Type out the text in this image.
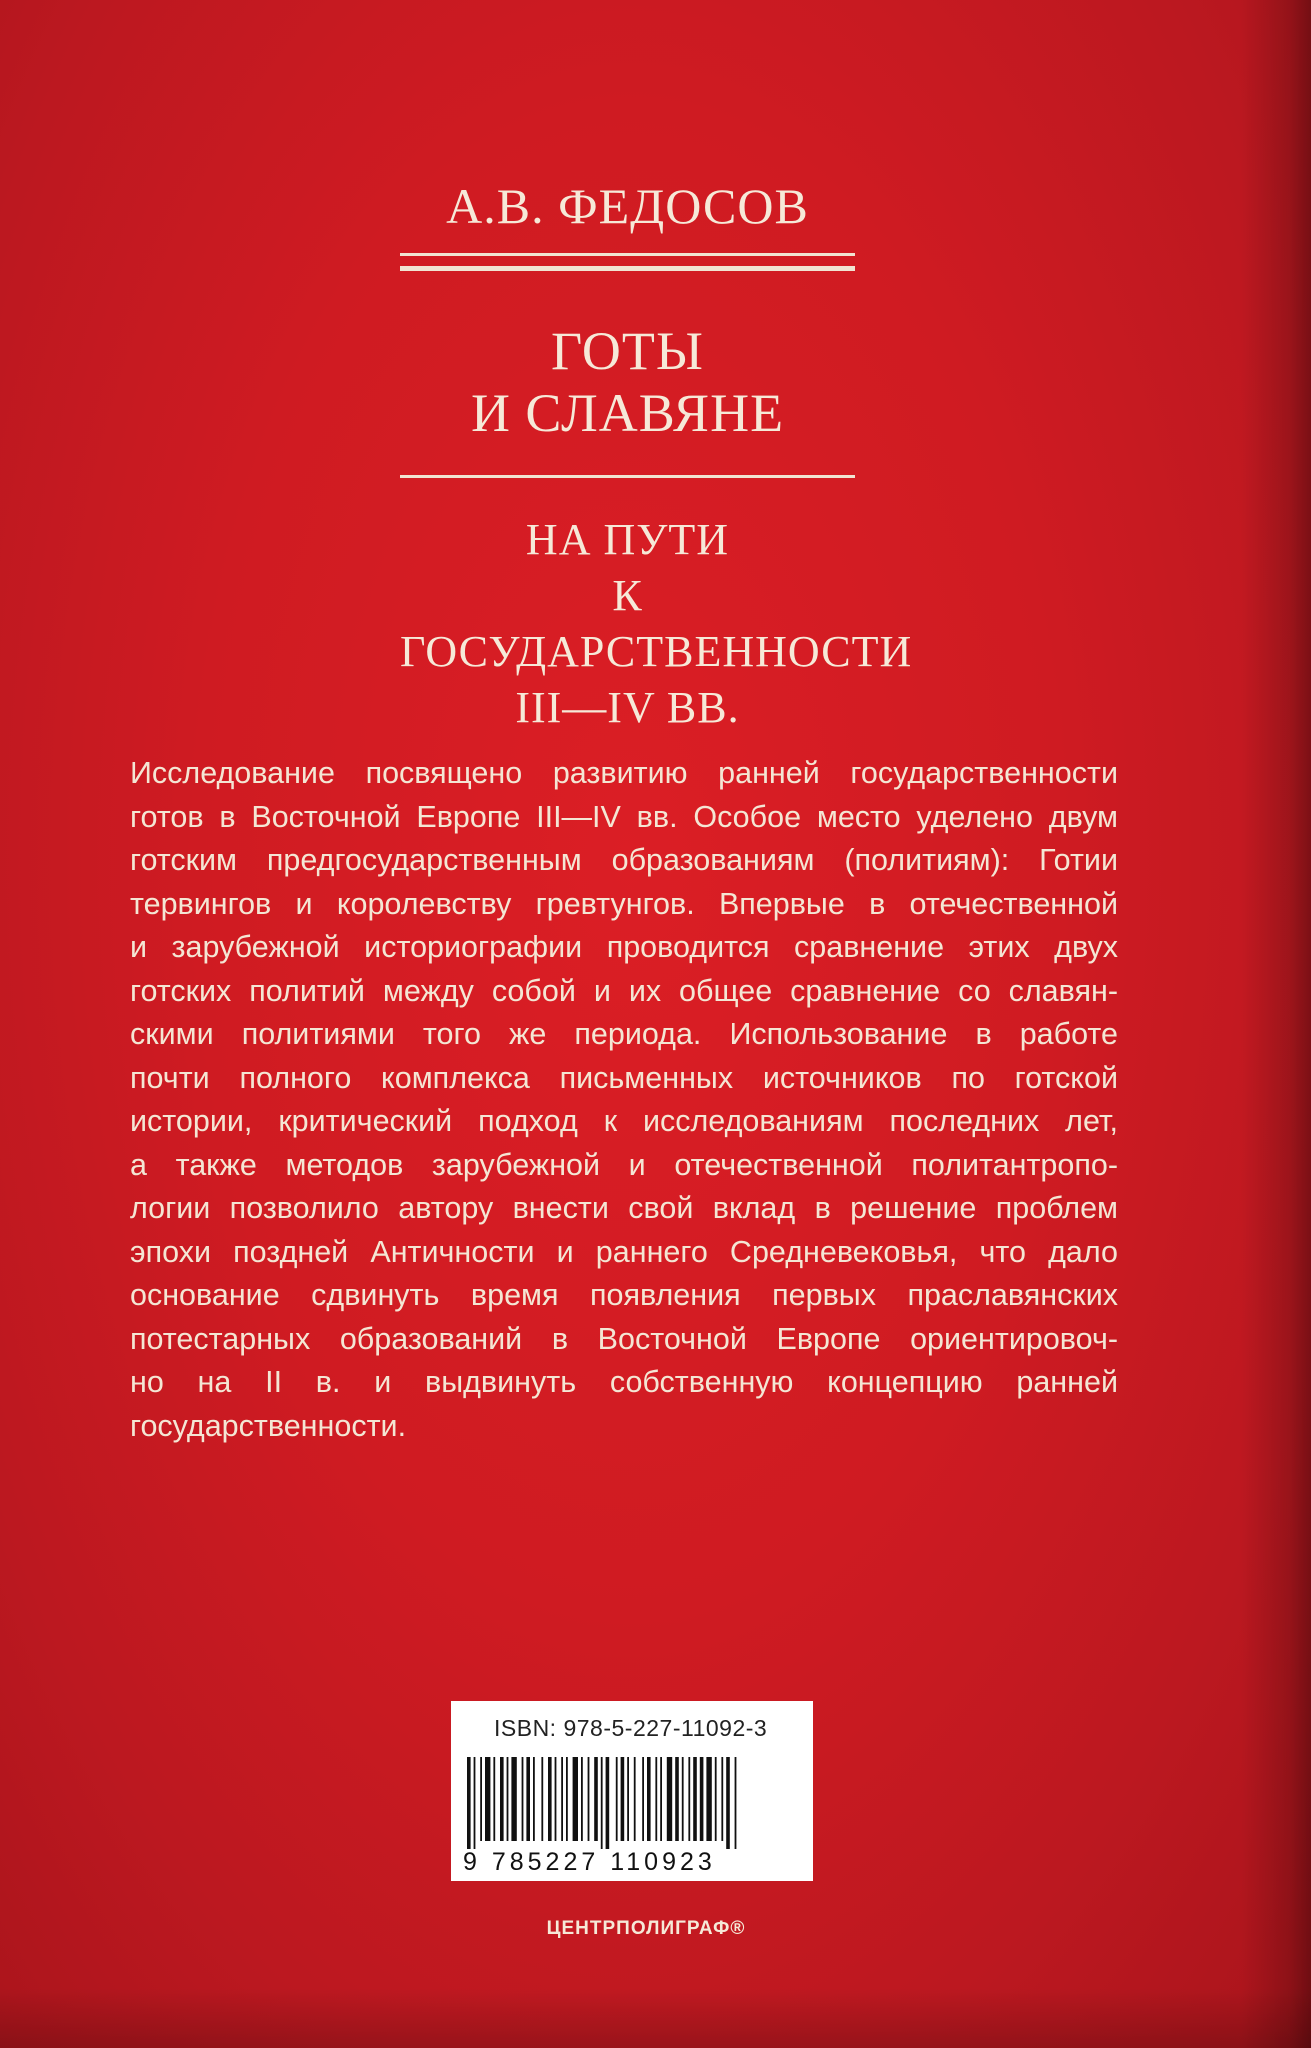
А.В. ФЕДОСОВ
ГОТЫ
И СЛАВЯНЕ
НА ПУТИ
К ГОСУДАРСТВЕННОСТИ
III—IV ВВ.
Исследование посвящено развитию ранней государственности
готов в Восточной Европе III—IV вв. Особое место уделено двум
готским предгосударственным образованиям (политиям): Готии
тервингов и королевству гревтунгов. Впервые в отечественной
и зарубежной историографии проводится сравнение этих двух
готских политий между собой и их общее сравнение со славян-
скими политиями того же периода. Использование в работе
почти полного комплекса письменных источников по готской
истории, критический подход к исследованиям последних лет,
а также методов зарубежной и отечественной политантропо-
логии позволило автору внести свой вклад в решение проблем
эпохи поздней Античности и раннего Средневековья, что дало
основание сдвинуть время появления первых праславянских
потестарных образований в Восточной Европе ориентировоч-
но на II в. и выдвинуть собственную концепцию ранней
государственности.
ISBN: 978-5-227-11092-3
9 785227 110923
ЦЕНТРПОЛИГРАФ®
